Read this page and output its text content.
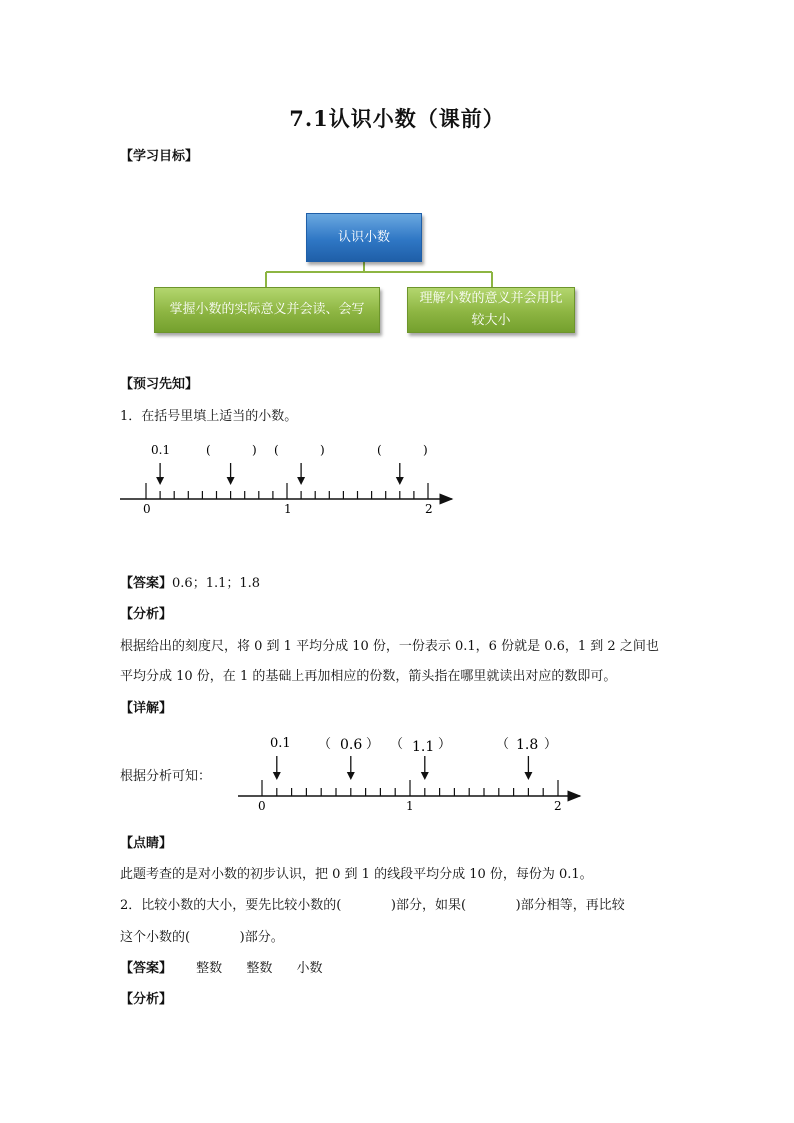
7.1认识小数（课前）
【学习目标】
认识小数
掌握小数的实际意义并会读、会写
理解小数的意义并会用比较大小
【预习先知】
1．在括号里填上适当的小数。
0	1	2
0.1	(	) (	)	(	)
【答案】0.6；1.1；1.8
【分析】
根据给出的刻度尺，将 0 到 1 平均分成 10 份，一份表示 0.1，6 份就是 0.6，1 到 2 之间也
平均分成 10 份，在 1 的基础上再加相应的份数，箭头指在哪里就读出对应的数即可。
【详解】
根据分析可知：
0	1	2
0.1 （ 0.6 ） （ 1.1 ）	（ 1.8 ）
【点睛】
此题考查的是对小数的初步认识，把 0 到 1 的线段平均分成 10 份，每份为 0.1。
2．比较小数的大小，要先比较小数的(            )部分，如果(            )部分相等，再比较
这个小数的(            )部分。
【答案】 整数 整数 小数
【分析】
